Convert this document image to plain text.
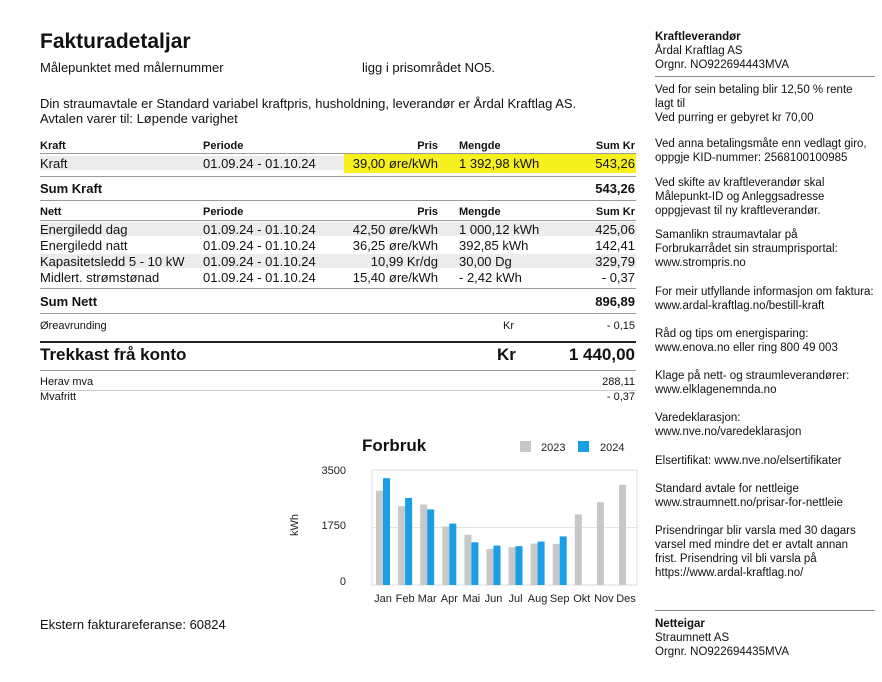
Fakturadetaljar
Målepunktet med målernummer	ligg i prisområdet NO5.
Din straumavtale er Standard variabel kraftpris, husholdning, leverandør er Årdal Kraftlag AS.
Avtalen varer til: Løpende varighet
Kraft	Periode	Pris Mengde	Sum Kr
Kraft	01.09.24 - 01.10.24	39,00 øre/kWh 1 392,98 kWh	543,26
Sum Kraft	543,26
Nett	Periode	Pris Mengde	Sum Kr
Energiledd dag	01.09.24 - 01.10.24	42,50 øre/kWh 1 000,12 kWh	425,06
Energiledd natt	01.09.24 - 01.10.24	36,25 øre/kWh 392,85 kWh	142,41
Kapasitetsledd 5 - 10 kW 01.09.24 - 01.10.24	10,99 Kr/dg 30,00 Dg	329,79
Midlert. strømstønad	01.09.24 - 01.10.24	15,40 øre/kWh - 2,42 kWh	- 0,37
Sum Nett	896,89
Øreavrunding	Kr	- 0,15
Trekkast frå konto	Kr	1 440,00
Herav mva	288,11
Mvafritt	- 0,37
Forbruk	2023	2024
3500
1750
0
kWh
Jan Feb Mar Apr Mai Jun Jul Aug Sep Okt Nov Des
Ekstern fakturareferanse: 60824
Kraftleverandør
Årdal Kraftlag AS
Orgnr. NO922694443MVA
Ved for sein betaling blir 12,50 % rente lagt til
Ved purring er gebyret kr 70,00
Ved anna betalingsmåte enn vedlagt giro, oppgje KID-nummer: 2568100100985
Ved skifte av kraftleverandør skal Målepunkt-ID og Anleggsadresse oppgjevast til ny kraftleverandør.
Samanlikn straumavtalar på Forbrukarrådet sin straumprisportal: www.strompris.no
For meir utfyllande informasjon om faktura: www.ardal-kraftlag.no/bestill-kraft
Råd og tips om energisparing: www.enova.no eller ring 800 49 003
Klage på nett- og straumleverandører: www.elklagenemnda.no
Varedeklarasjon: www.nve.no/varedeklarasjon
Elsertifikat: www.nve.no/elsertifikater
Standard avtale for nettleige www.straumnett.no/prisar-for-nettleie
Prisendringar blir varsla med 30 dagars varsel med mindre det er avtalt annan frist. Prisendring vil bli varsla på https://www.ardal-kraftlag.no/
Netteigar
Straumnett AS
Orgnr. NO922694435MVA
